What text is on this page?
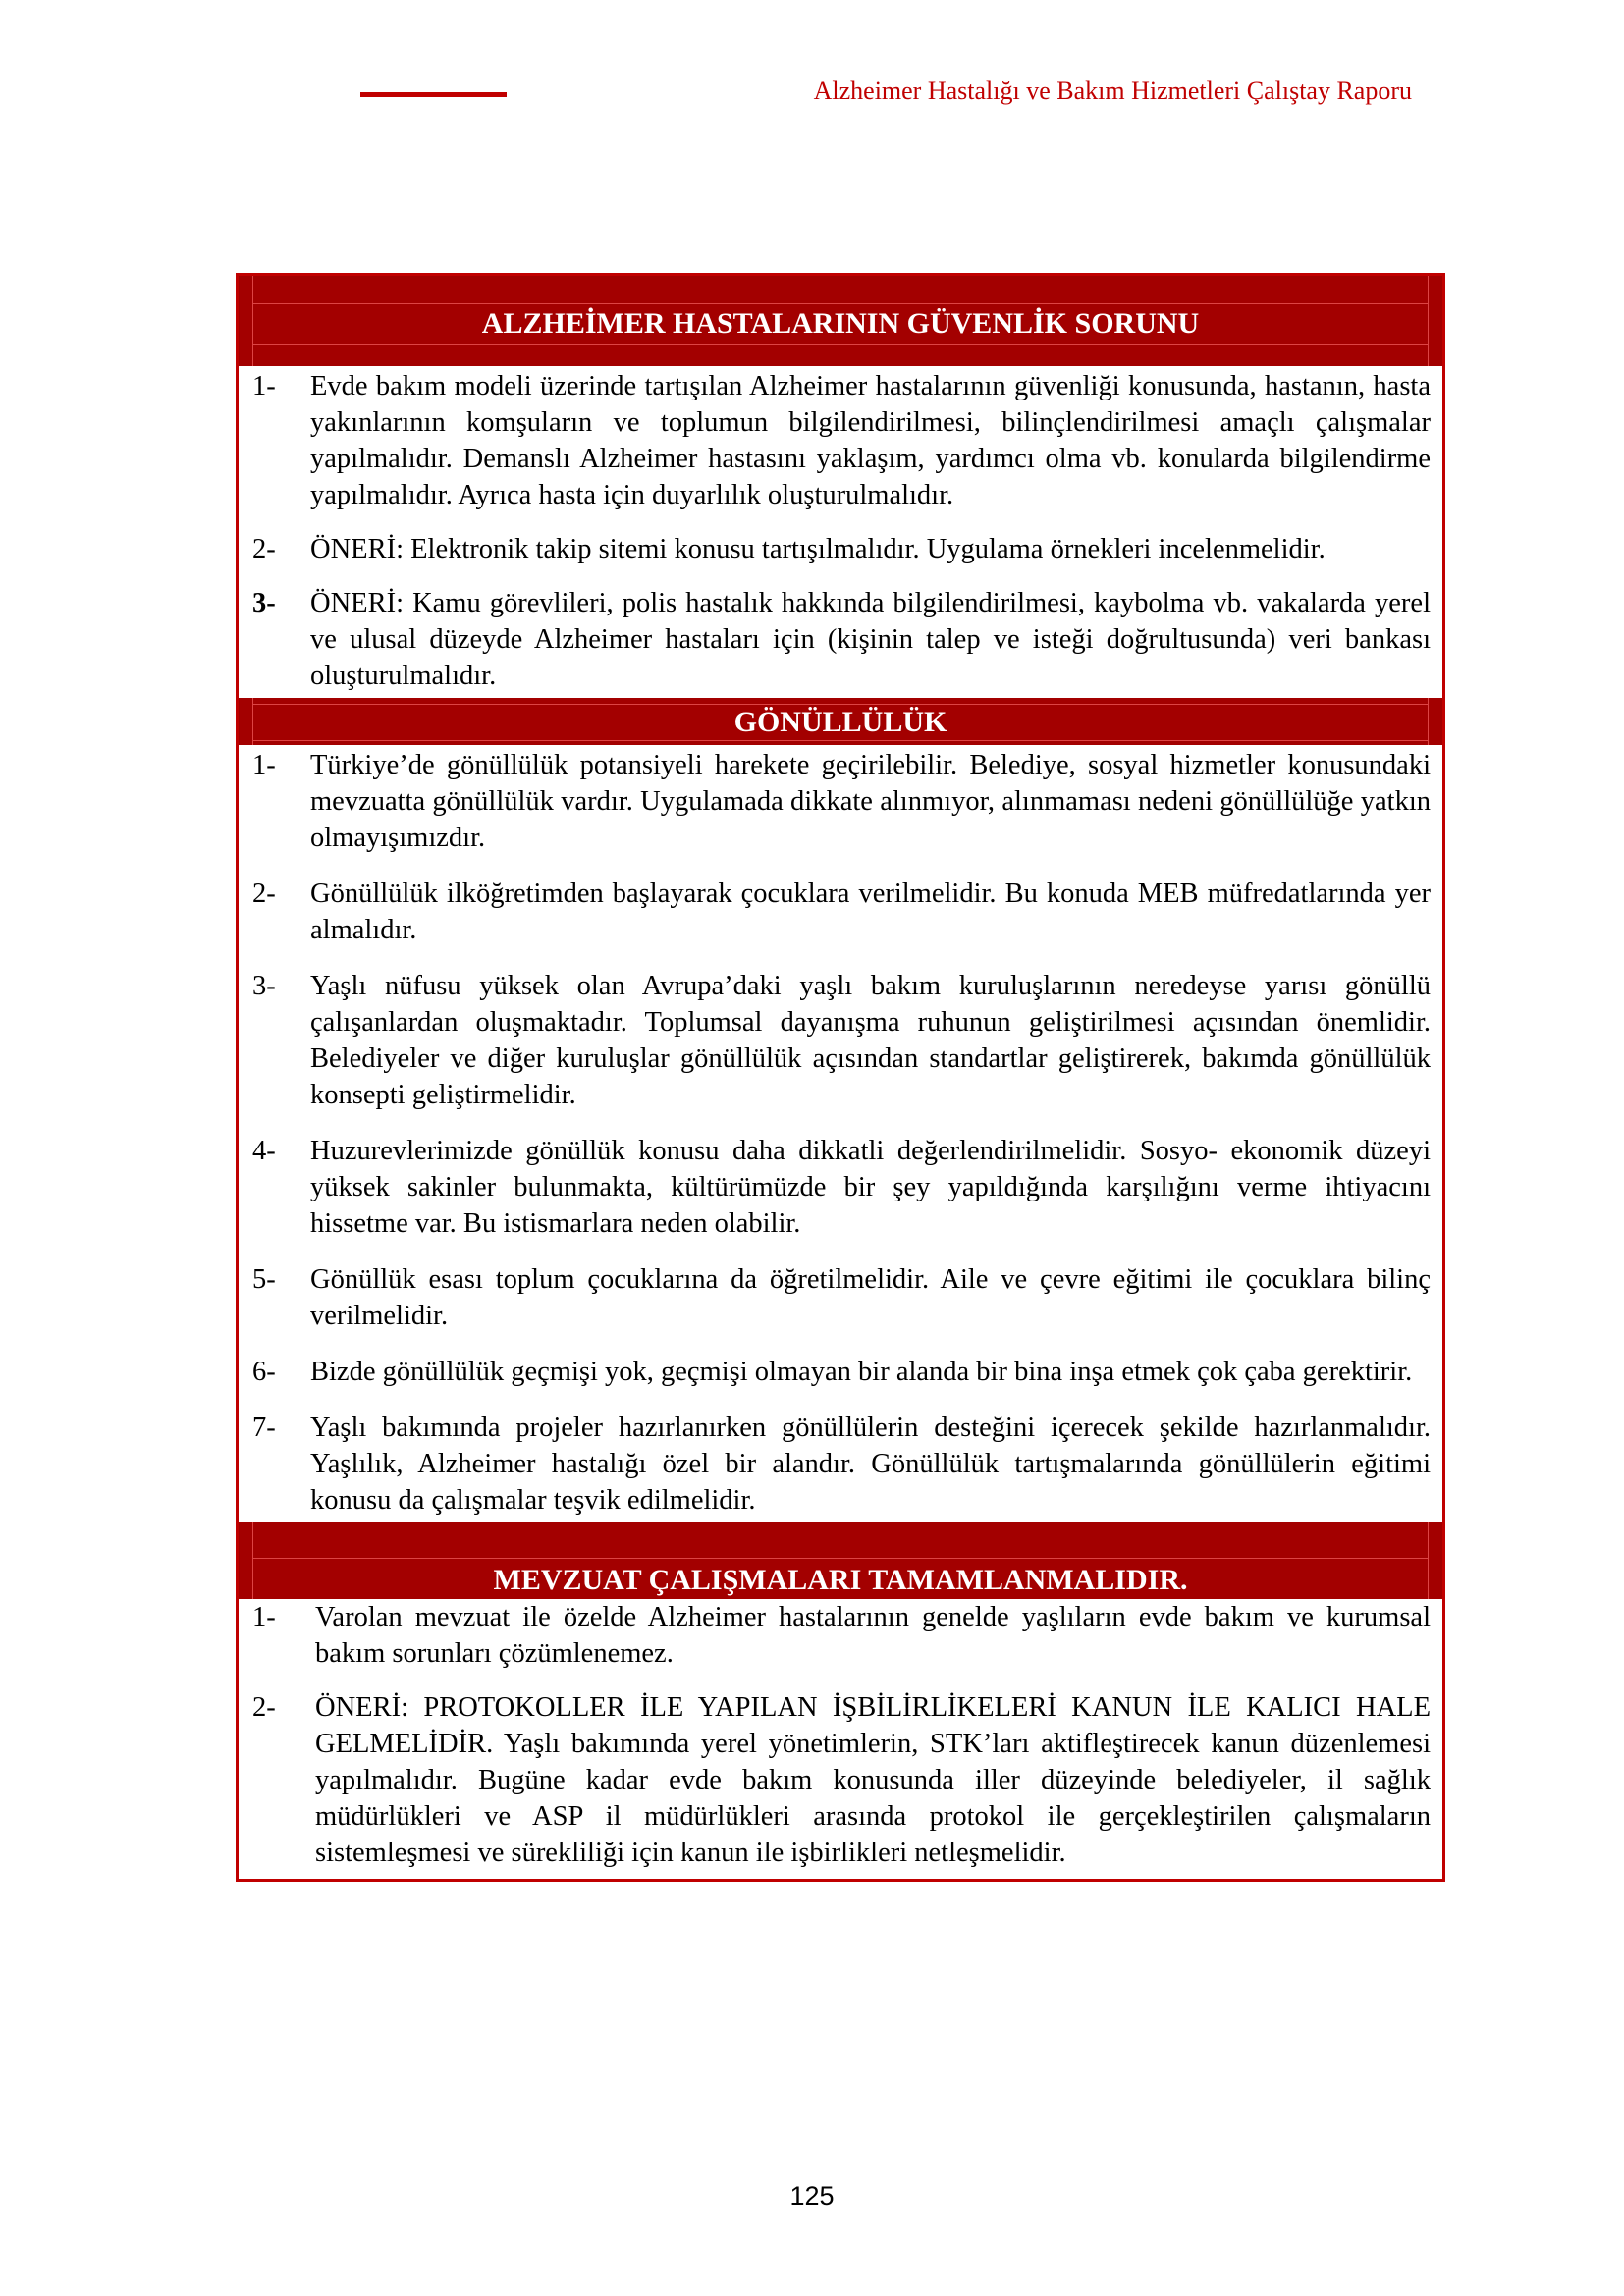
Alzheimer Hastalığı ve Bakım Hizmetleri Çalıştay Raporu
ALZHEİMER HASTALARININ GÜVENLİK SORUNU
1-	Evde bakım modeli üzerinde tartışılan Alzheimer hastalarının güvenliği konusunda, hastanın, hasta yakınlarının komşuların ve toplumun bilgilendirilmesi, bilinçlendirilmesi amaçlı çalışmalar yapılmalıdır. Demanslı Alzheimer hastasını yaklaşım, yardımcı olma vb. konularda bilgilendirme yapılmalıdır. Ayrıca hasta için duyarlılık oluşturulmalıdır.
2-	ÖNERİ: Elektronik takip sitemi konusu tartışılmalıdır. Uygulama örnekleri incelenmelidir.
3-	ÖNERİ: Kamu görevlileri, polis hastalık hakkında bilgilendirilmesi, kaybolma vb. vakalarda yerel ve ulusal düzeyde Alzheimer hastaları için (kişinin talep ve isteği doğrultusunda) veri bankası oluşturulmalıdır.
GÖNÜLLÜLÜK
1-	Türkiye’de gönüllülük potansiyeli harekete geçirilebilir. Belediye, sosyal hizmetler konusundaki mevzuatta gönüllülük vardır. Uygulamada dikkate alınmıyor, alınmaması nedeni gönüllülüğe yatkın olmayışımızdır.
2-	Gönüllülük ilköğretimden başlayarak çocuklara verilmelidir. Bu konuda MEB müfredatlarında yer almalıdır.
3-	Yaşlı nüfusu yüksek olan Avrupa’daki yaşlı bakım kuruluşlarının neredeyse yarısı gönüllü çalışanlardan oluşmaktadır. Toplumsal dayanışma ruhunun geliştirilmesi açısından önemlidir. Belediyeler ve diğer kuruluşlar gönüllülük açısından standartlar geliştirerek, bakımda gönüllülük konsepti geliştirmelidir.
4-	Huzurevlerimizde gönüllük konusu daha dikkatli değerlendirilmelidir. Sosyo- ekonomik düzeyi yüksek sakinler bulunmakta, kültürümüzde bir şey yapıldığında karşılığını verme ihtiyacını hissetme var. Bu istismarlara neden olabilir.
5-	Gönüllük esası toplum çocuklarına da öğretilmelidir. Aile ve çevre eğitimi ile çocuklara bilinç verilmelidir.
6-	Bizde gönüllülük geçmişi yok, geçmişi olmayan bir alanda bir bina inşa etmek çok çaba gerektirir.
7-	Yaşlı bakımında projeler hazırlanırken gönüllülerin desteğini içerecek şekilde hazırlanmalıdır. Yaşlılık, Alzheimer hastalığı özel bir alandır. Gönüllülük tartışmalarında gönüllülerin eğitimi konusu da çalışmalar teşvik edilmelidir.
MEVZUAT ÇALIŞMALARI TAMAMLANMALIDIR.
1-	Varolan mevzuat ile özelde Alzheimer hastalarının genelde yaşlıların evde bakım ve kurumsal bakım sorunları çözümlenemez.
2-	ÖNERİ: PROTOKOLLER İLE YAPILAN İŞBİLİRLİKELERİ KANUN İLE KALICI HALE GELMELİDİR. Yaşlı bakımında yerel yönetimlerin, STK’ları aktifleştirecek kanun düzenlemesi yapılmalıdır. Bugüne kadar evde bakım konusunda iller düzeyinde belediyeler, il sağlık müdürlükleri ve ASP il müdürlükleri arasında protokol ile gerçekleştirilen çalışmaların sistemleşmesi ve sürekliliği için kanun ile işbirlikleri netleşmelidir.
125
